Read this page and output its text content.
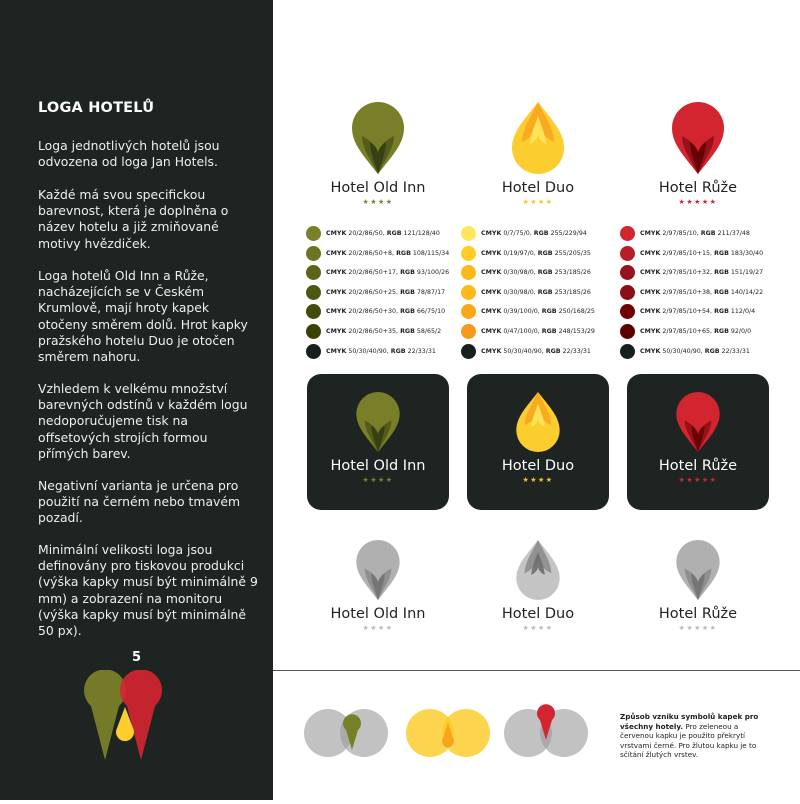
LOGA HOTELŮ

Loga jednotlivých hotelů jsou odvozena od loga Jan Hotels.

Každé má svou specifickou barevnost, která je doplněna o název hotelu a již zmiňované motivy hvězdiček.

Loga hotelů Old Inn a Růže, nacházejících se v Českém Krumlově, mají hroty kapek otočeny směrem dolů. Hrot kapky pražského hotelu Duo je otočen směrem nahoru.

Vzhledem k velkému množství barevných odstínů v každém logu nedoporučujeme tisk na offsetových strojích formou přímých barev.

Negativní varianta je určena pro použití na černém nebo tmavém pozadí.

Minimální velikosti loga jsou definovány pro tiskovou produkci (výška kapky musí být minimálně 9 mm) a zobrazení na monitoru (výška kapky musí být minimálně 50 px).

5
Hotel Old Inn
★★★★
Hotel Duo
★★★★
Hotel Růže
★★★★★
CMYK 20/2/86/50, RGB 121/128/40
CMYK 20/2/86/50+8, RGB 108/115/34
CMYK 20/2/86/50+17, RGB 93/100/26
CMYK 20/2/86/50+25, RGB 78/87/17
CMYK 20/2/86/50+30, RGB 66/75/10
CMYK 20/2/86/50+35, RGB 58/65/2
CMYK 50/30/40/90, RGB 22/33/31
CMYK 0/7/75/0, RGB 255/229/94
CMYK 0/19/97/0, RGB 255/205/35
CMYK 0/30/98/0, RGB 253/185/26
CMYK 0/30/98/0, RGB 253/185/26
CMYK 0/39/100/0, RGB 250/168/25
CMYK 0/47/100/0, RGB 248/153/29
CMYK 50/30/40/90, RGB 22/33/31
CMYK 2/97/85/10, RGB 211/37/48
CMYK 2/97/85/10+15, RGB 183/30/40
CMYK 2/97/85/10+32, RGB 151/19/27
CMYK 2/97/85/10+38, RGB 140/14/22
CMYK 2/97/85/10+54, RGB 112/0/4
CMYK 2/97/85/10+65, RGB 92/0/0
CMYK 50/30/40/90, RGB 22/33/31
Hotel Old Inn
★★★★
Hotel Duo
★★★★
Hotel Růže
★★★★★
Hotel Old Inn
★★★★
Hotel Duo
★★★★
Hotel Růže
★★★★★
Způsob vzniku symbolů kapek pro všechny hotely. Pro zeleneou a červenou kapku je použito překrytí vrstvami černé. Pro žlutou kapku je to sčítání žlutých vrstev.
